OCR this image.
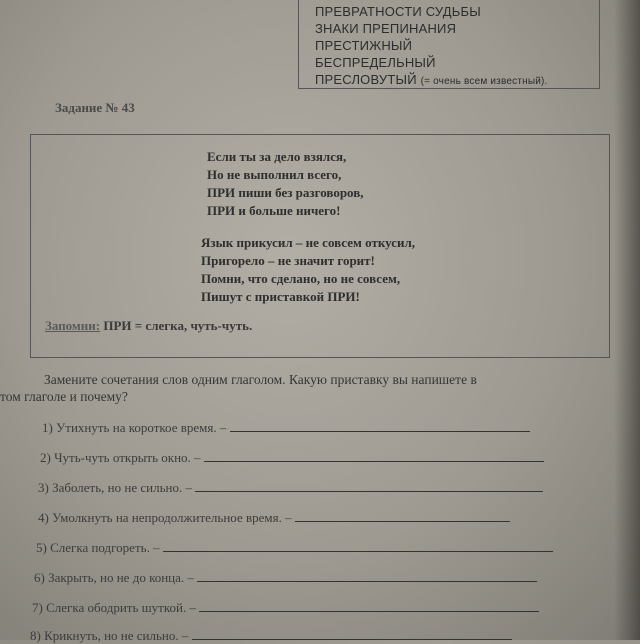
ПРЕВРАТНОСТИ СУДЬБЫ
ЗНАКИ ПРЕПИНАНИЯ
ПРЕСТИЖНЫЙ
БЕСПРЕДЕЛЬНЫЙ
ПРЕСЛОВУТЫЙ (= очень всем известный).
Задание № 43
Если ты за дело взялся,
Но не выполнил всего,
ПРИ пиши без разговоров,
ПРИ и больше ничего!
Язык прикусил – не совсем откусил,
Пригорело – не значит горит!
Помни, что сделано, но не совсем,
Пишут с приставкой ПРИ!
Запомни: ПРИ = слегка, чуть-чуть.
Замените сочетания слов одним глаголом. Какую приставку вы напишете в
том глаголе и почему?
1) Утихнуть на короткое время. –
2) Чуть-чуть открыть окно. –
3) Заболеть, но не сильно. –
4) Умолкнуть на непродолжительное время. –
5) Слегка подгореть. –
6) Закрыть, но не до конца. –
7) Слегка ободрить шуткой. –
8) Крикнуть, но не сильно. –
